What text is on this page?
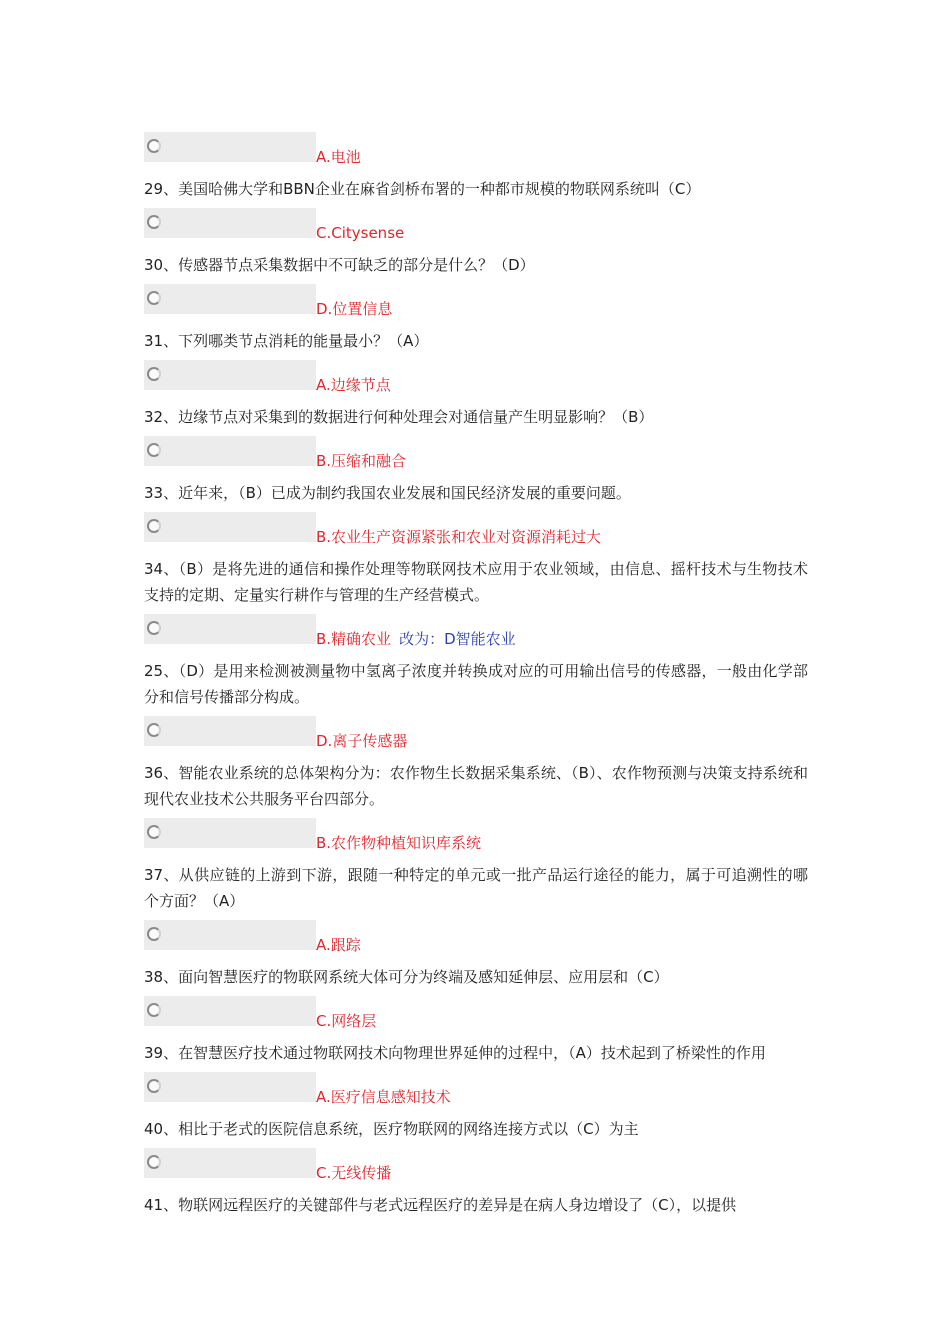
A.电池
29、美国哈佛大学和BBN企业在麻省剑桥布署的一种都市规模的物联网系统叫（C）
C.Citysense
30、传感器节点采集数据中不可缺乏的部分是什么？（D）
D.位置信息
31、下列哪类节点消耗的能量最小？（A）
A.边缘节点
32、边缘节点对采集到的数据进行何种处理会对通信量产生明显影响？（B）
B.压缩和融合
33、近年来，（B）已成为制约我国农业发展和国民经济发展的重要问题。
B.农业生产资源紧张和农业对资源消耗过大
34、（B）是将先进的通信和操作处理等物联网技术应用于农业领域，由信息、摇杆技术与生物技术支持的定期、定量实行耕作与管理的生产经营模式。
B.精确农业 改为：D智能农业
25、（D）是用来检测被测量物中氢离子浓度并转换成对应的可用输出信号的传感器，一般由化学部分和信号传播部分构成。
D.离子传感器
36、智能农业系统的总体架构分为：农作物生长数据采集系统、（B）、农作物预测与决策支持系统和现代农业技术公共服务平台四部分。
B.农作物种植知识库系统
37、从供应链的上游到下游，跟随一种特定的单元或一批产品运行途径的能力，属于可追溯性的哪个方面？（A）
A.跟踪
38、面向智慧医疗的物联网系统大体可分为终端及感知延伸层、应用层和（C）
C.网络层
39、在智慧医疗技术通过物联网技术向物理世界延伸的过程中，（A）技术起到了桥梁性的作用
A.医疗信息感知技术
40、相比于老式的医院信息系统，医疗物联网的网络连接方式以（C）为主
C.无线传播
41、物联网远程医疗的关键部件与老式远程医疗的差异是在病人身边增设了（C），以提供
